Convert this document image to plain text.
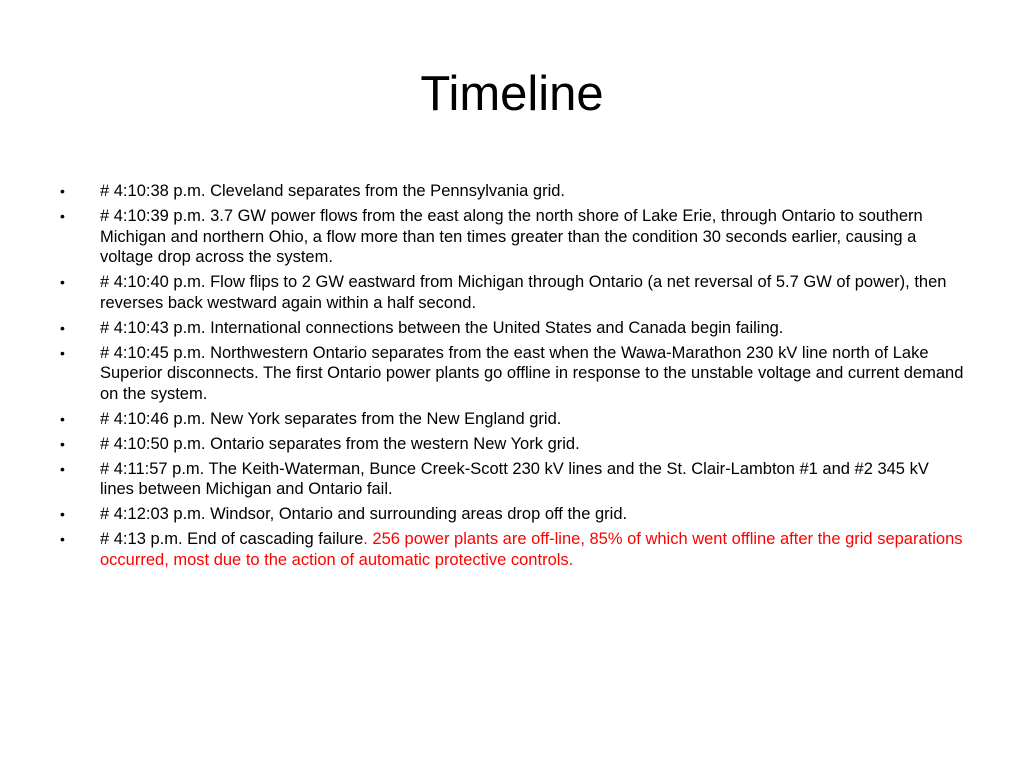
Timeline
•	# 4:10:38 p.m. Cleveland separates from the Pennsylvania grid.
•	# 4:10:39 p.m. 3.7 GW power flows from the east along the north shore of Lake Erie, through Ontario to southern Michigan and northern Ohio, a flow more than ten times greater than the condition 30 seconds earlier, causing a voltage drop across the system.
•	# 4:10:40 p.m. Flow flips to 2 GW eastward from Michigan through Ontario (a net reversal of 5.7 GW of power), then reverses back westward again within a half second.
•	# 4:10:43 p.m. International connections between the United States and Canada begin failing.
•	# 4:10:45 p.m. Northwestern Ontario separates from the east when the Wawa-Marathon 230 kV line north of Lake Superior disconnects. The first Ontario power plants go offline in response to the unstable voltage and current demand on the system.
•	# 4:10:46 p.m. New York separates from the New England grid.
•	# 4:10:50 p.m. Ontario separates from the western New York grid.
•	# 4:11:57 p.m. The Keith-Waterman, Bunce Creek-Scott 230 kV lines and the St. Clair-Lambton #1 and #2 345 kV lines between Michigan and Ontario fail.
•	# 4:12:03 p.m. Windsor, Ontario and surrounding areas drop off the grid.
•	# 4:13 p.m. End of cascading failure. 256 power plants are off-line, 85% of which went offline after the grid separations occurred, most due to the action of automatic protective controls.
